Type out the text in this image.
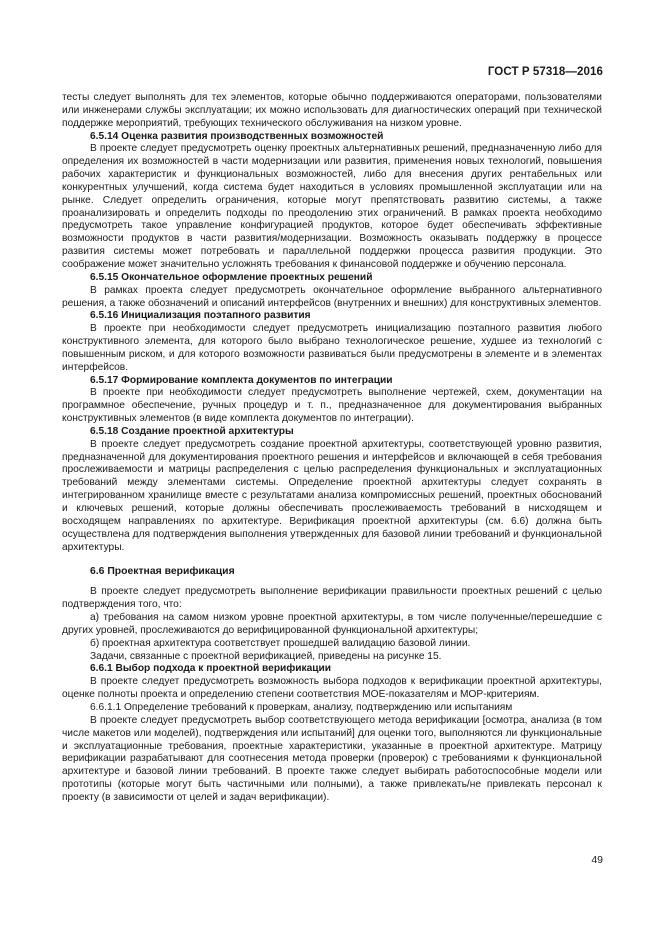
ГОСТ Р 57318—2016

тесты следует выполнять для тех элементов, которые обычно поддерживаются операторами, пользователями или инженерами службы эксплуатации; их можно использовать для диагностических операций при технической поддержке мероприятий, требующих технического обслуживания на низком уровне.

6.5.14 Оценка развития производственных возможностей

В проекте следует предусмотреть оценку проектных альтернативных решений, предназначенную либо для определения их возможностей в части модернизации или развития, применения новых технологий, повышения рабочих характеристик и функциональных возможностей, либо для внесения других рентабельных или конкурентных улучшений, когда система будет находиться в условиях промышленной эксплуатации или на рынке. Следует определить ограничения, которые могут препятствовать развитию системы, а также проанализировать и определить подходы по преодолению этих ограничений. В рамках проекта необходимо предусмотреть такое управление конфигурацией продуктов, которое будет обеспечивать эффективные возможности продуктов в части развития/модернизации. Возможность оказывать поддержку в процессе развития системы может потребовать и параллельной поддержки процесса развития продукции. Это соображение может значительно усложнять требования к финансовой поддержке и обучению персонала.

6.5.15 Окончательное оформление проектных решений

В рамках проекта следует предусмотреть окончательное оформление выбранного альтернативного решения, а также обозначений и описаний интерфейсов (внутренних и внешних) для конструктивных элементов.

6.5.16 Инициализация поэтапного развития

В проекте при необходимости следует предусмотреть инициализацию поэтапного развития любого конструктивного элемента, для которого было выбрано технологическое решение, худшее из технологий с повышенным риском, и для которого возможности развиваться были предусмотрены в элементе и в элементах интерфейсов.

6.5.17 Формирование комплекта документов по интеграции

В проекте при необходимости следует предусмотреть выполнение чертежей, схем, документации на программное обеспечение, ручных процедур и т. п., предназначенное для документирования выбранных конструктивных элементов (в виде комплекта документов по интеграции).

6.5.18 Создание проектной архитектуры

В проекте следует предусмотреть создание проектной архитектуры, соответствующей уровню развития, предназначенной для документирования проектного решения и интерфейсов и включающей в себя требования прослеживаемости и матрицы распределения с целью распределения функциональных и эксплуатационных требований между элементами системы. Определение проектной архитектуры следует сохранять в интегрированном хранилище вместе с результатами анализа компромиссных решений, проектных обоснований и ключевых решений, которые должны обеспечивать прослеживаемость требований в нисходящем и восходящем направлениях по архитектуре. Верификация проектной архитектуры (см. 6.6) должна быть осуществлена для подтверждения выполнения утвержденных для базовой линии требований и функциональной архитектуры.

6.6 Проектная верификация

В проекте следует предусмотреть выполнение верификации правильности проектных решений с целью подтверждения того, что:

а) требования на самом низком уровне проектной архитектуры, в том числе полученные/перешедшие с других уровней, прослеживаются до верифицированной функциональной архитектуры;

б) проектная архитектура соответствует прошедшей валидацию базовой линии.

Задачи, связанные с проектной верификацией, приведены на рисунке 15.

6.6.1 Выбор подхода к проектной верификации

В проекте следует предусмотреть возможность выбора подходов к верификации проектной архитектуры, оценке полноты проекта и определению степени соответствия МОЕ-показателям и МОР-критериям.

6.6.1.1 Определение требований к проверкам, анализу, подтверждению или испытаниям

В проекте следует предусмотреть выбор соответствующего метода верификации [осмотра, анализа (в том числе макетов или моделей), подтверждения или испытаний] для оценки того, выполняются ли функциональные и эксплуатационные требования, проектные характеристики, указанные в проектной архитектуре. Матрицу верификации разрабатывают для соотнесения метода проверки (проверок) с требованиями к функциональной архитектуре и базовой линии требований. В проекте также следует выбирать работоспособные модели или прототипы (которые могут быть частичными или полными), а также привлекать/не привлекать персонал к проекту (в зависимости от целей и задач верификации).

49
